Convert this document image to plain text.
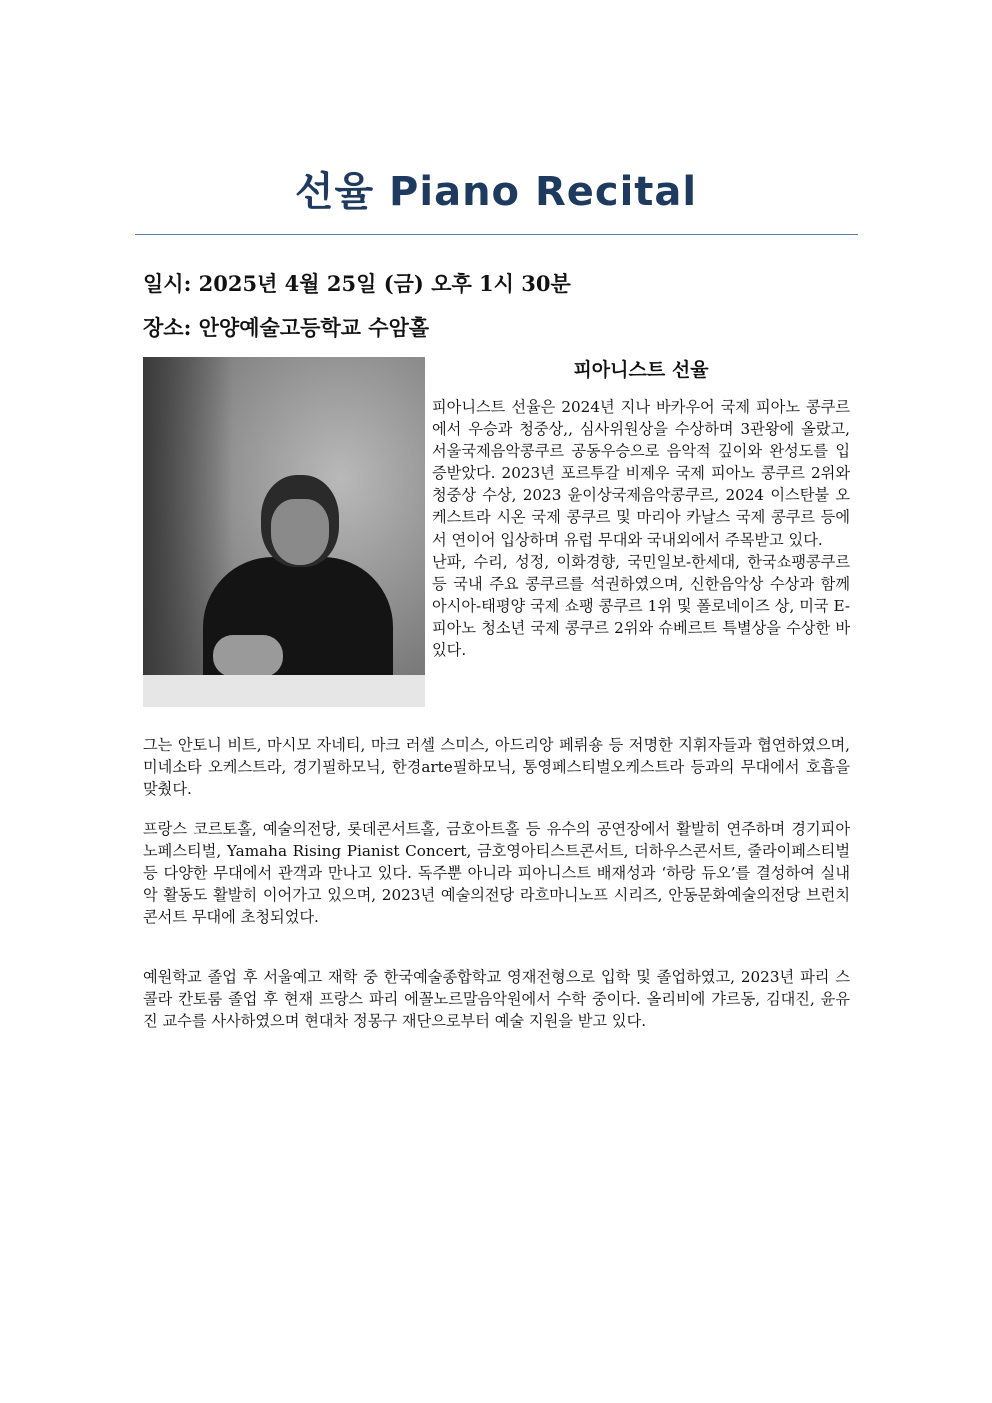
선율 Piano Recital
일시: 2025년 4월 25일 (금) 오후 1시 30분
장소: 안양예술고등학교 수암홀
피아니스트 선율

피아니스트 선율은 2024년 지나 바카우어 국제 피아노 콩쿠르에서 우승과 청중상,, 심사위원상을 수상하며 3관왕에 올랐고, 서울국제음악콩쿠르 공동우승으로 음악적 깊이와 완성도를 입증받았다. 2023년 포르투갈 비제우 국제 피아노 콩쿠르 2위와 청중상 수상, 2023 윤이상국제음악콩쿠르, 2024 이스탄불 오케스트라 시온 국제 콩쿠르 및 마리아 카날스 국제 콩쿠르 등에서 연이어 입상하며 유럽 무대와 국내외에서 주목받고 있다.

난파, 수리, 성정, 이화경향, 국민일보-한세대, 한국쇼팽콩쿠르 등 국내 주요 콩쿠르를 석권하였으며, 신한음악상 수상과 함께 아시아-태평양 국제 쇼팽 콩쿠르 1위 및 폴로네이즈 상, 미국 E-피아노 청소년 국제 콩쿠르 2위와 슈베르트 특별상을 수상한 바 있다.

그는 안토니 비트, 마시모 자네티, 마크 러셀 스미스, 아드리앙 페뤼숑 등 저명한 지휘자들과 협연하였으며, 미네소타 오케스트라, 경기필하모닉, 한경arte필하모닉, 통영페스티벌오케스트라 등과의 무대에서 호흡을 맞췄다.

프랑스 코르토홀, 예술의전당, 롯데콘서트홀, 금호아트홀 등 유수의 공연장에서 활발히 연주하며 경기피아노페스티벌, Yamaha Rising Pianist Concert, 금호영아티스트콘서트, 더하우스콘서트, 줄라이페스티벌 등 다양한 무대에서 관객과 만나고 있다. 독주뿐 아니라 피아니스트 배재성과 ‘하랑 듀오’를 결성하여 실내악 활동도 활발히 이어가고 있으며, 2023년 예술의전당 라흐마니노프 시리즈, 안동문화예술의전당 브런치콘서트 무대에 초청되었다.

예원학교 졸업 후 서울예고 재학 중 한국예술종합학교 영재전형으로 입학 및 졸업하였고, 2023년 파리 스콜라 칸토룸 졸업 후 현재 프랑스 파리 에꼴노르말음악원에서 수학 중이다. 올리비에 갸르동, 김대진, 윤유진 교수를 사사하였으며 현대차 정몽구 재단으로부터 예술 지원을 받고 있다.
